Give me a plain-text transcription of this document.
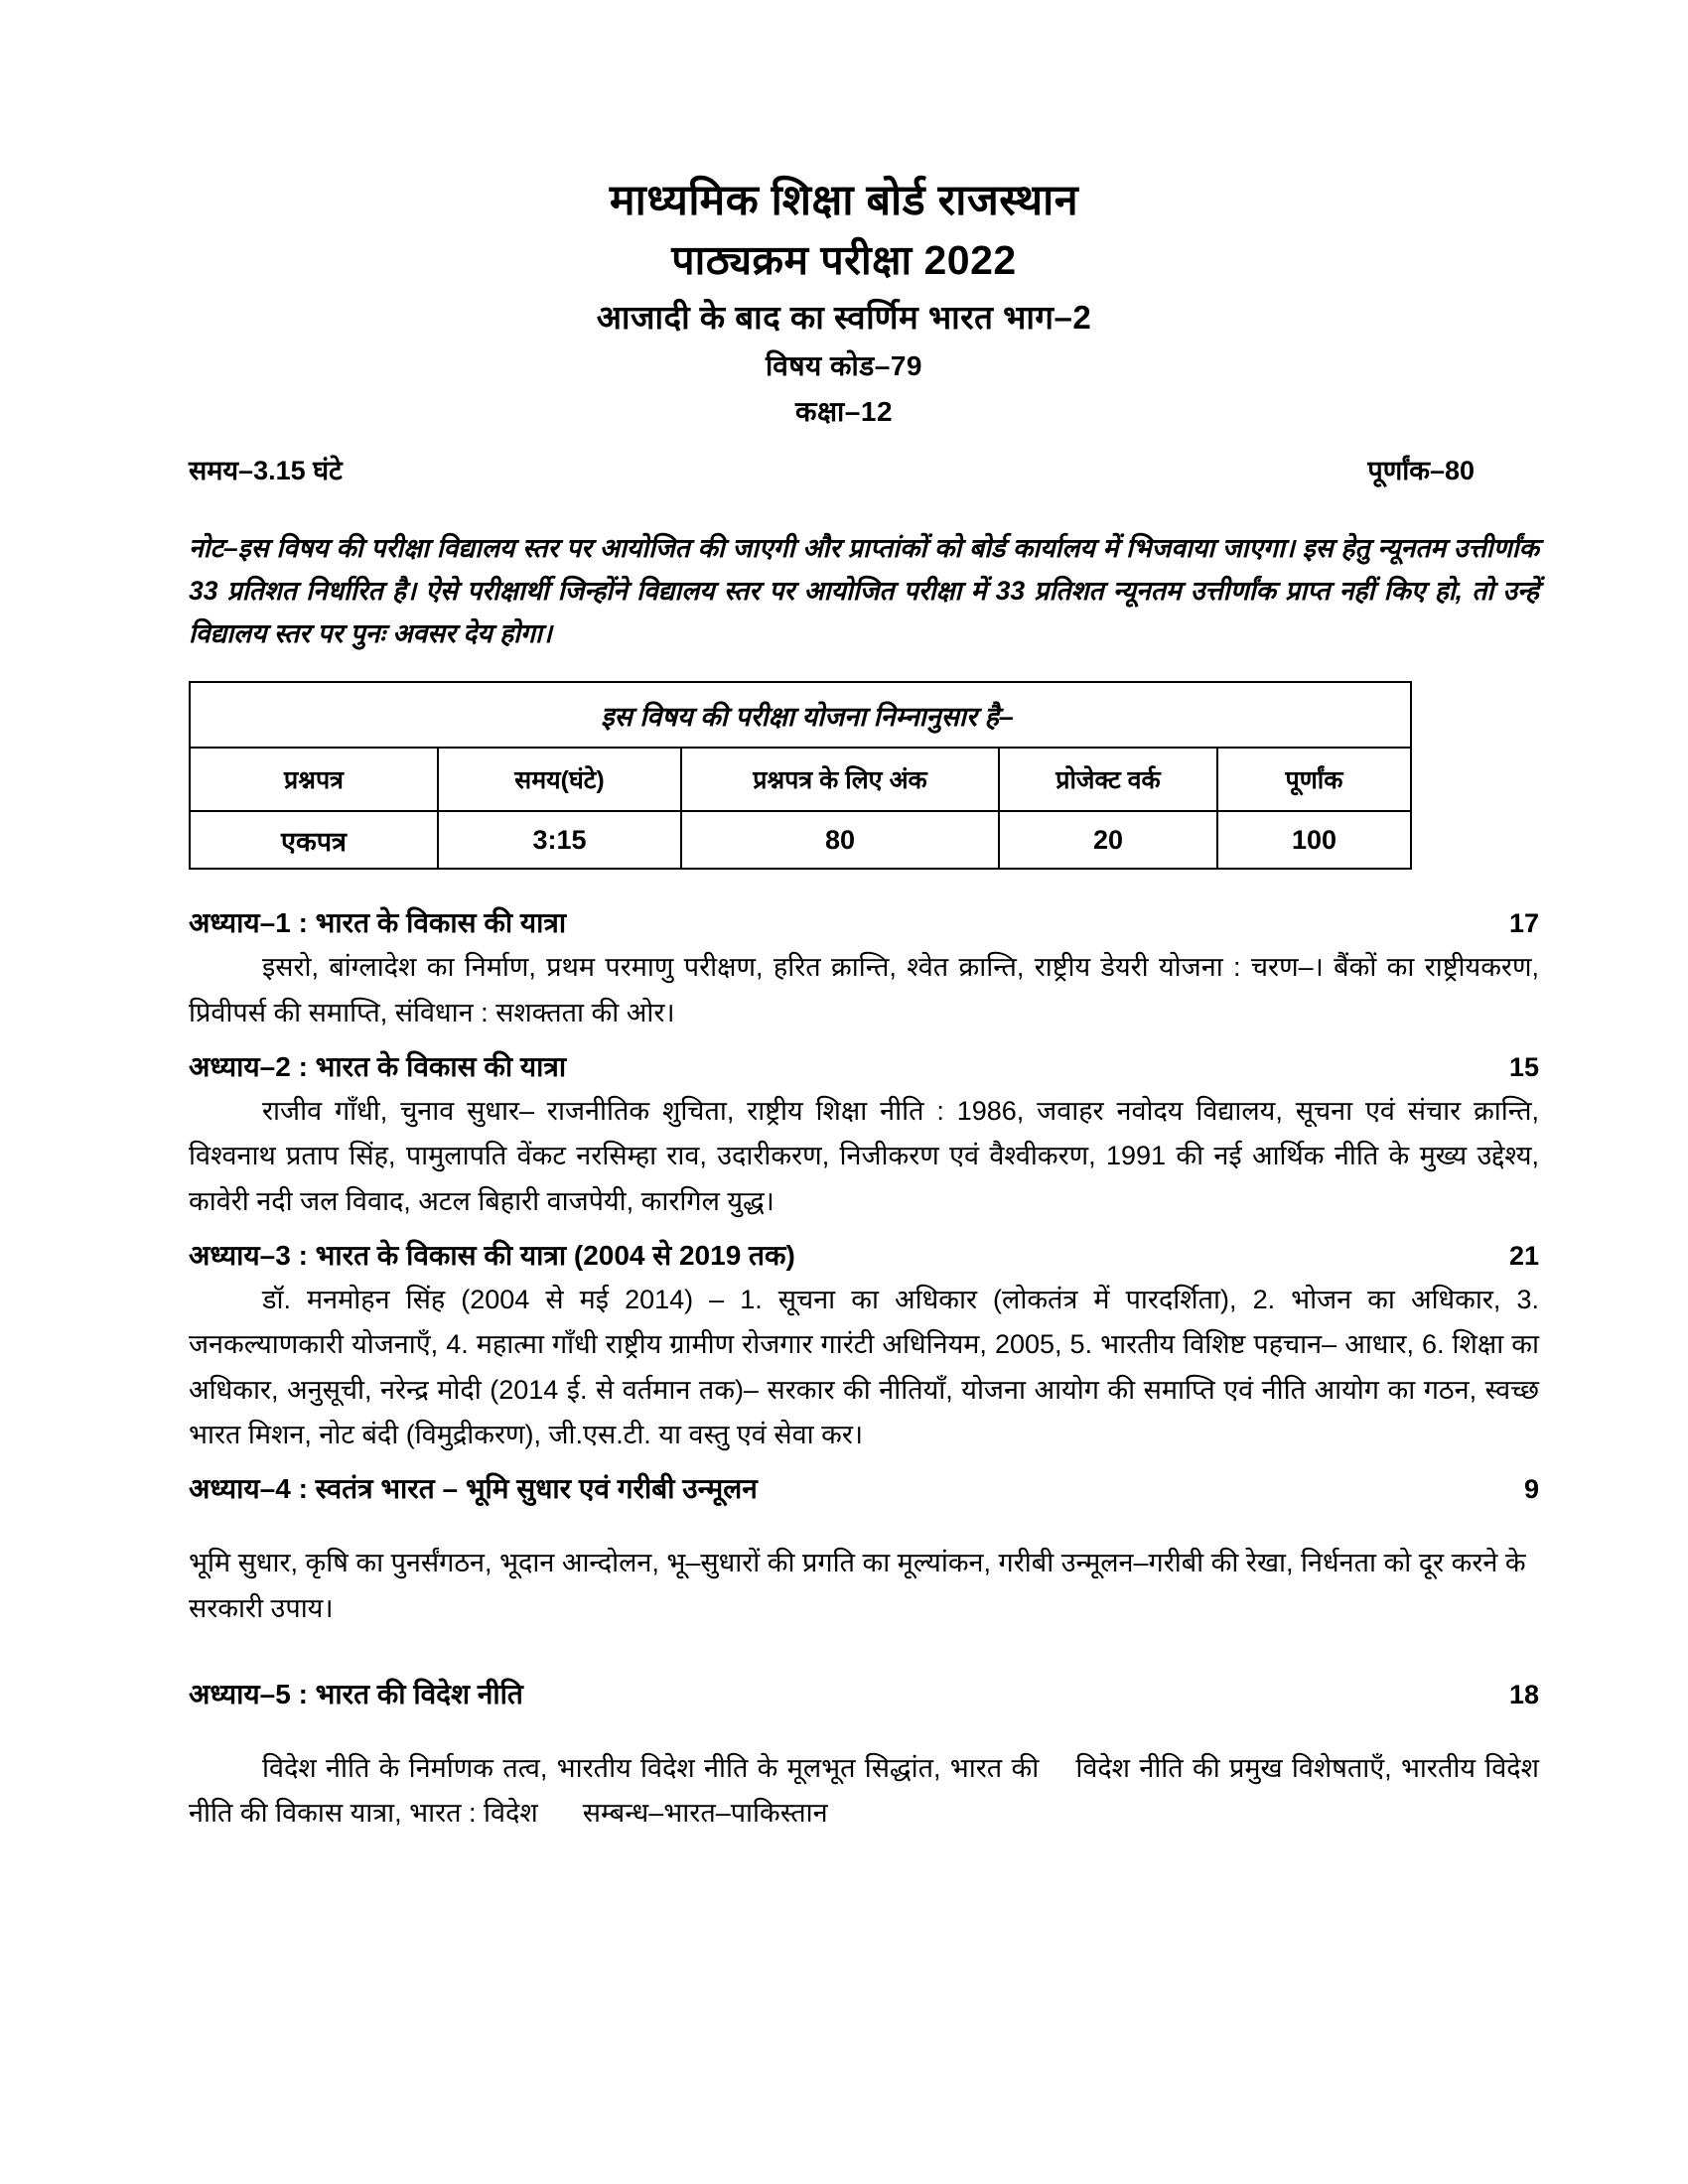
माध्यमिक शिक्षा बोर्ड राजस्थान
पाठ्यक्रम परीक्षा 2022
आजादी के बाद का स्वर्णिम भारत भाग–2
विषय कोड–79
कक्षा–12
समय–3.15 घंटे	पूर्णांक–80
नोट–इस विषय की परीक्षा विद्यालय स्तर पर आयोजित की जाएगी और प्राप्तांकों को बोर्ड कार्यालय में भिजवाया जाएगा। इस हेतु न्यूनतम उत्तीर्णांक 33 प्रतिशत निर्धारित है। ऐसे परीक्षार्थी जिन्होंने विद्यालय स्तर पर आयोजित परीक्षा में 33 प्रतिशत न्यूनतम उत्तीर्णांक प्राप्त नहीं किए हो, तो उन्हें विद्यालय स्तर पर पुनः अवसर देय होगा।
इस विषय की परीक्षा योजना निम्नानुसार है–				
प्रश्नपत्र	समय(घंटे)	प्रश्नपत्र के लिए अंक	प्रोजेक्ट वर्क	पूर्णांक
एकपत्र	3:15	80	20	100
अध्याय–1 : भारत के विकास की यात्रा	17

इसरो, बांग्लादेश का निर्माण, प्रथम परमाणु परीक्षण, हरित क्रान्ति, श्वेत क्रान्ति, राष्ट्रीय डेयरी योजना : चरण–। बैंकों का राष्ट्रीयकरण, प्रिवीपर्स की समाप्ति, संविधान : सशक्तता की ओर।

अध्याय–2 : भारत के विकास की यात्रा	15

राजीव गाँधी, चुनाव सुधार– राजनीतिक शुचिता, राष्ट्रीय शिक्षा नीति : 1986, जवाहर नवोदय विद्यालय, सूचना एवं संचार क्रान्ति, विश्वनाथ प्रताप सिंह, पामुलापति वेंकट नरसिम्हा राव, उदारीकरण, निजीकरण एवं वैश्वीकरण, 1991 की नई आर्थिक नीति के मुख्य उद्देश्य, कावेरी नदी जल विवाद, अटल बिहारी वाजपेयी, कारगिल युद्ध।

अध्याय–3 : भारत के विकास की यात्रा (2004 से 2019 तक)	21

डॉ. मनमोहन सिंह (2004 से मई 2014) – 1. सूचना का अधिकार (लोकतंत्र में पारदर्शिता), 2. भोजन का अधिकार, 3. जनकल्याणकारी योजनाएँ, 4. महात्मा गाँधी राष्ट्रीय ग्रामीण रोजगार गारंटी अधिनियम, 2005, 5. भारतीय विशिष्ट पहचान– आधार, 6. शिक्षा का अधिकार, अनुसूची, नरेन्द्र मोदी (2014 ई. से वर्तमान तक)– सरकार की नीतियाँ, योजना आयोग की समाप्ति एवं नीति आयोग का गठन, स्वच्छ भारत मिशन, नोट बंदी (विमुद्रीकरण), जी.एस.टी. या वस्तु एवं सेवा कर।

अध्याय–4 : स्वतंत्र भारत – भूमि सुधार एवं गरीबी उन्मूलन	9

भूमि सुधार, कृषि का पुनर्संगठन, भूदान आन्दोलन, भू–सुधारों की प्रगति का मूल्यांकन, गरीबी उन्मूलन–गरीबी की रेखा, निर्धनता को दूर करने के सरकारी उपाय।

अध्याय–5 : भारत की विदेश नीति	18

विदेश नीति के निर्माणक तत्व, भारतीय विदेश नीति के मूलभूत सिद्धांत, भारत की    विदेश नीति की प्रमुख विशेषताएँ, भारतीय विदेश नीति की विकास यात्रा, भारत : विदेश      सम्बन्ध–भारत–पाकिस्तान
